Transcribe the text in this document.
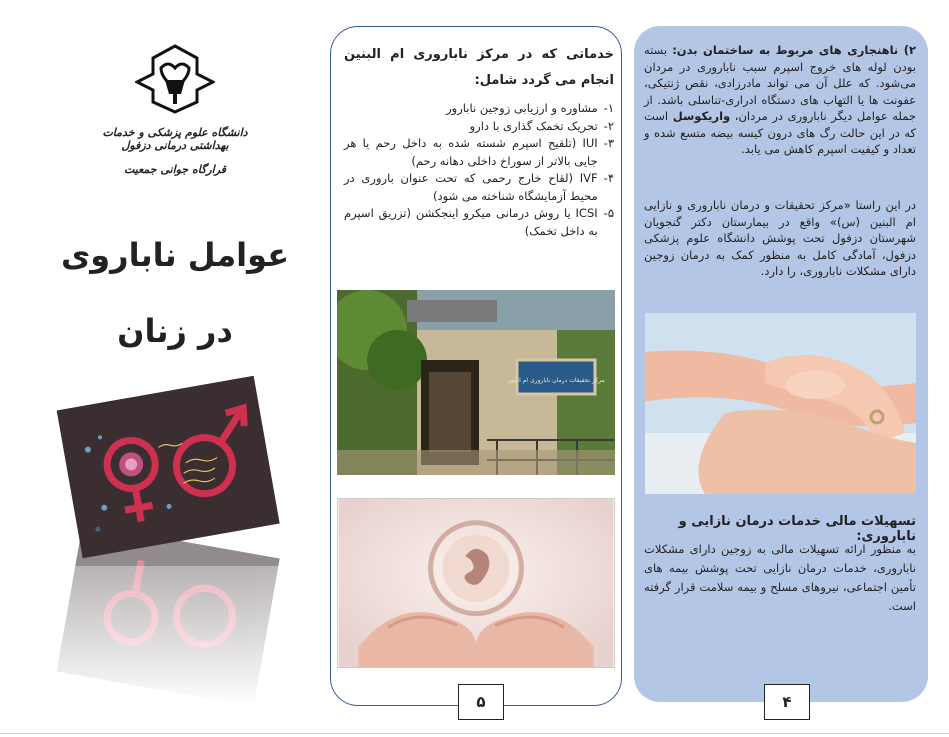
دانشگاه علوم پزشکی و خدمات بهداشتی درمانی دزفول
قرارگاه جوانی جمعیت
عوامل ناباروی
در زنان
خدماتی که در مرکز ناباروری ام البنین انجام می گردد شامل:
۱-
مشاوره و ارزیابی زوجین نابارور
۲-
تحریک تخمک گذاری با دارو
۳-
IUI (تلقیح اسپرم شسته شده به داخل رحم یا هر جایی بالاتر از سوراخ داخلی دهانه رحم)
۴-
IVF (لقاح خارج رحمی که تحت عنوان باروری در محیط آزمایشگاه شناخته می شود)
۵-
ICSI یا روش درمانی میکرو اینجکشن (تزریق اسپرم به داخل تخمک)
مرکز تحقیقات درمان ناباروری ام البنین
۵
۲) ناهنجاری های مربوط به ساختمان بدن: بسته بودن لوله های خروج اسپرم سبب ناباروری در مردان می‌شود. که علل آن می تواند مادرزادی، نقص ژنتیکی، عفونت ها یا التهاب های دستگاه ادراری-تناسلی باشد. از جمله عوامل دیگر ناباروری در مردان، واریکوسل است که در این حالت رگ های درون کیسه بیضه متسع شده و تعداد و کیفیت اسپرم کاهش می یابد.
در این راستا «مرکز تحقیقات و درمان ناباروری و نازایی ام البنین (س)» واقع در بیمارستان دکتر گنجویان شهرستان دزفول تحت پوشش دانشگاه علوم پزشکی دزفول، آمادگی کامل به منظور کمک به درمان زوجین دارای مشکلات ناباروری، را دارد.
تسهیلات مالی خدمات درمان نازایی و ناباروری:
به منظور ارائه تسهیلات مالی به زوجین دارای مشکلات ناباروری، خدمات درمان نازایی تحت پوشش بیمه های تأمین اجتماعی، نیروهای مسلح و بیمه سلامت قرار گرفته است.
۴
